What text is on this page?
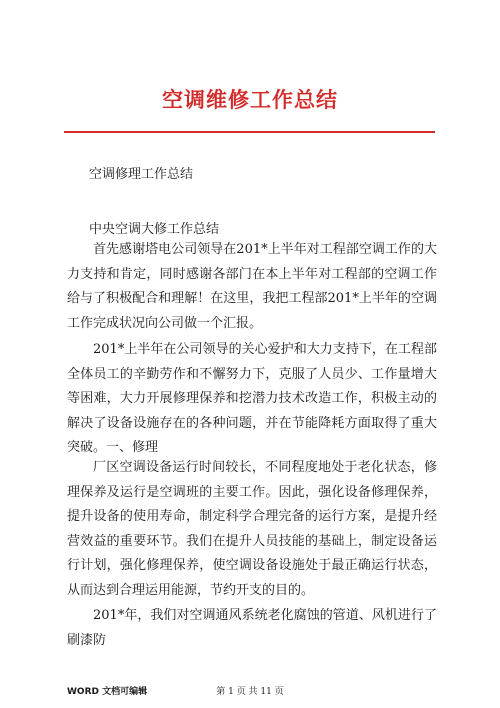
空调维修工作总结
空调修理工作总结
中央空调大修工作总结

首先感谢塔电公司领导在201*上半年对工程部空调工作的大力支持和肯定，同时感谢各部门在本上半年对工程部的空调工作给与了积极配合和理解！在这里，我把工程部201*上半年的空调工作完成状况向公司做一个汇报。

201*上半年在公司领导的关心爱护和大力支持下，在工程部全体员工的辛勤劳作和不懈努力下，克服了人员少、工作量增大等困难，大力开展修理保养和挖潜力技术改造工作，积极主动的解决了设备设施存在的各种问题，并在节能降耗方面取得了重大突破。一、修理

厂区空调设备运行时间较长，不同程度地处于老化状态，修理保养及运行是空调班的主要工作。因此，强化设备修理保养，提升设备的使用寿命，制定科学合理完备的运行方案，是提升经营效益的重要环节。我们在提升人员技能的基础上，制定设备运行计划，强化修理保养，使空调设备设施处于最正确运行状态，从而达到合理运用能源，节约开支的目的。

201*年，我们对空调通风系统老化腐蚀的管道、风机进行了刷漆防

WORD 文档可编辑	第 1 页 共 11 页
